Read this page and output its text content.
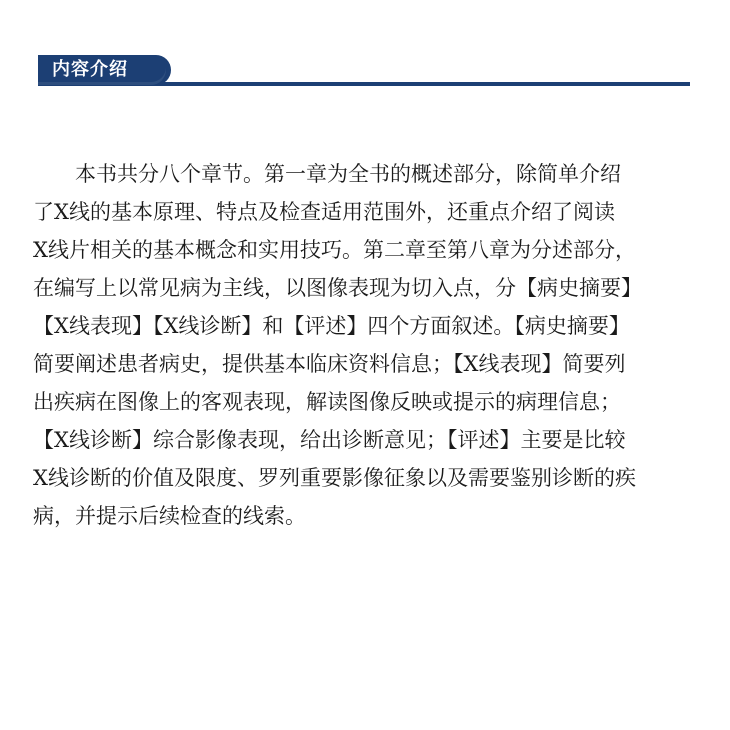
内容介绍
本书共分八个章节。第一章为全书的概述部分，除简单介绍
了X线的基本原理、特点及检查适用范围外，还重点介绍了阅读
X线片相关的基本概念和实用技巧。第二章至第八章为分述部分，
在编写上以常见病为主线，以图像表现为切入点，分【病史摘要】
【X线表现】【X线诊断】和【评述】四个方面叙述。【病史摘要】
简要阐述患者病史，提供基本临床资料信息；【X线表现】简要列
出疾病在图像上的客观表现，解读图像反映或提示的病理信息；
【X线诊断】综合影像表现，给出诊断意见；【评述】主要是比较
X线诊断的价值及限度、罗列重要影像征象以及需要鉴别诊断的疾
病，并提示后续检查的线索。
